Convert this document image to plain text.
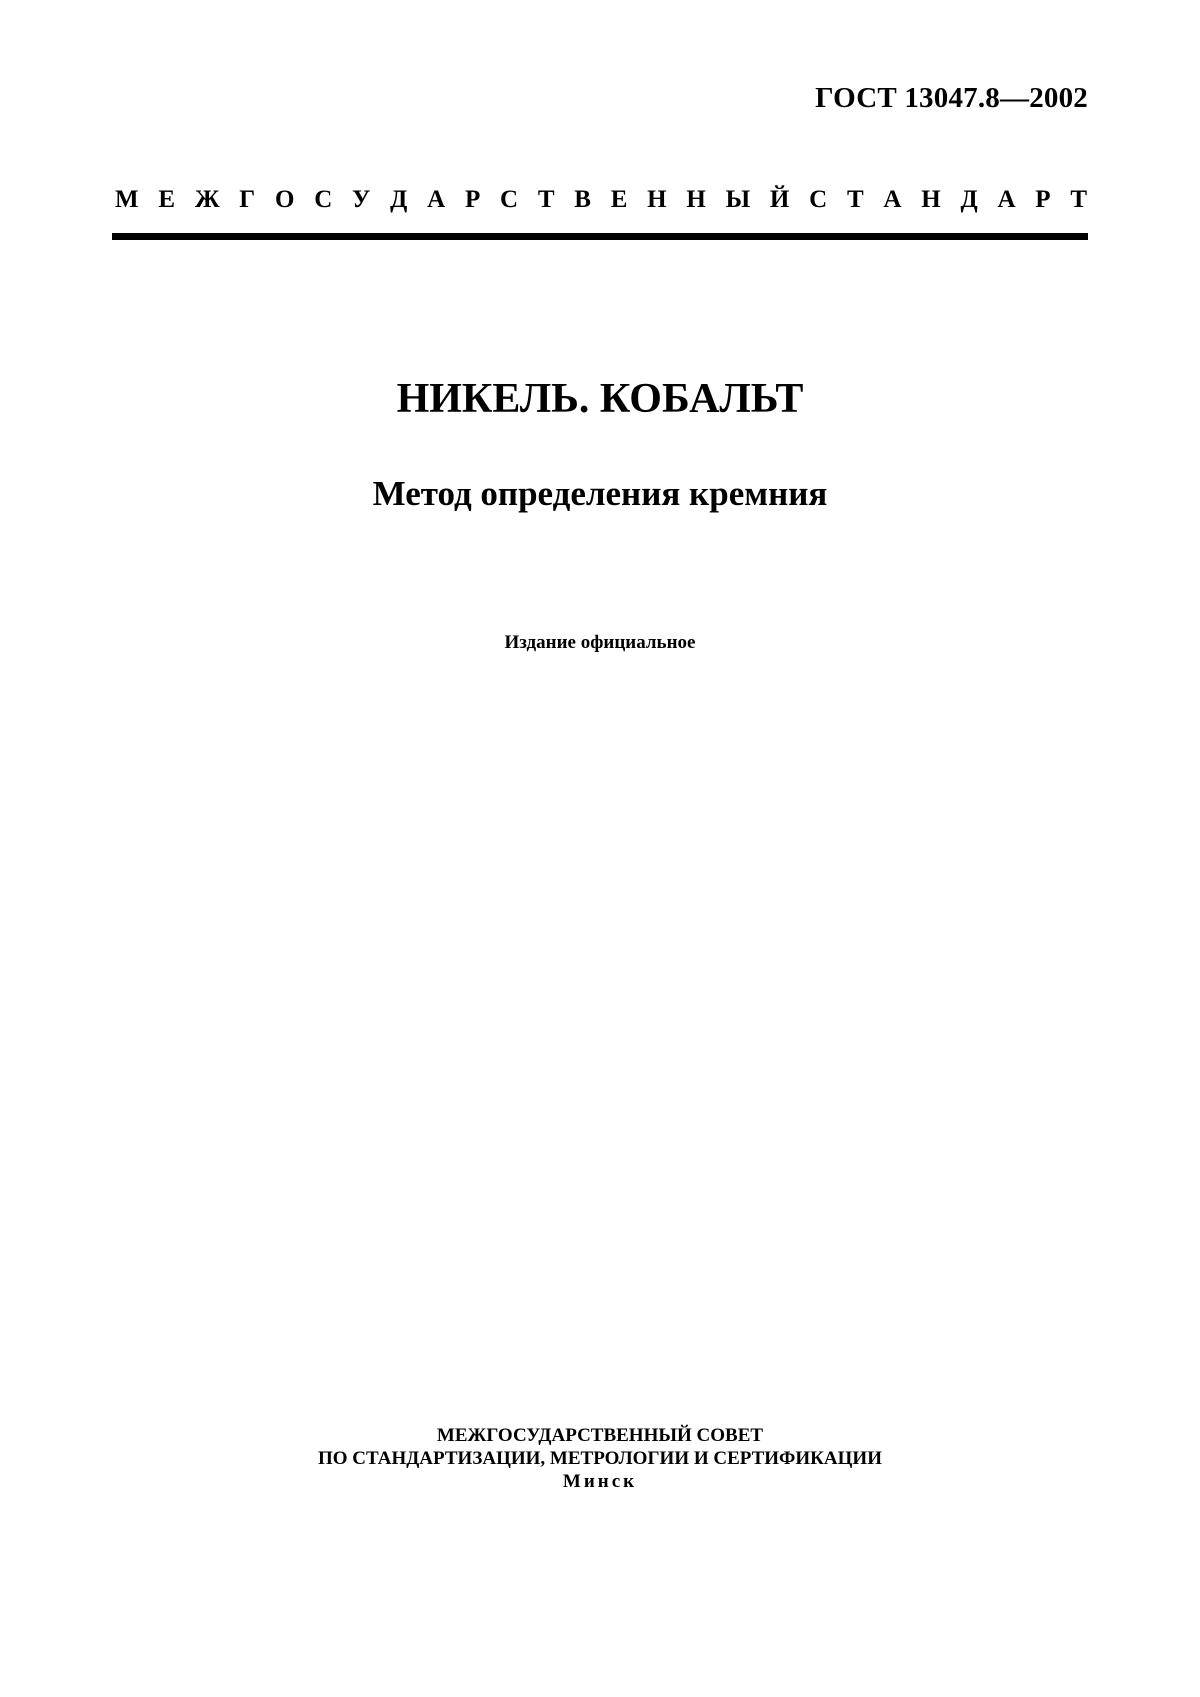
ГОСТ 13047.8—2002
М Е Ж Г О С У Д А Р С Т В Е Н Н Ы Й С Т А Н Д А Р Т
НИКЕЛЬ. КОБАЛЬТ
Метод определения кремния
Издание официальное
МЕЖГОСУДАРСТВЕННЫЙ СОВЕТ
ПО СТАНДАРТИЗАЦИИ, МЕТРОЛОГИИ И СЕРТИФИКАЦИИ
Минск
